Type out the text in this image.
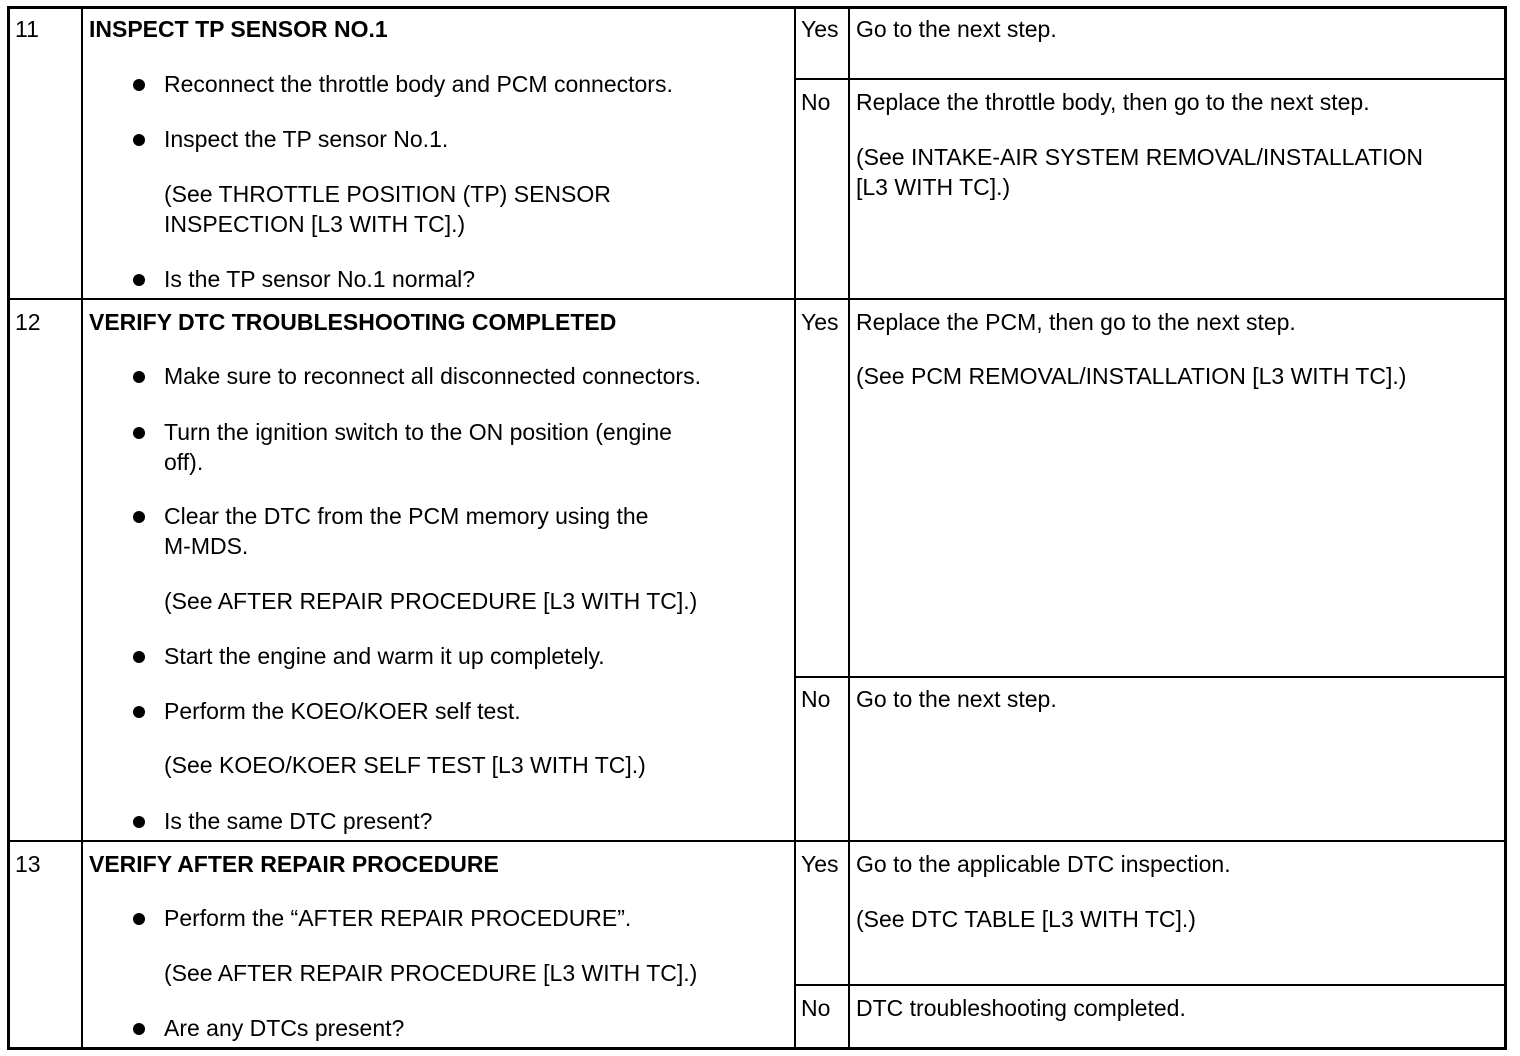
11 INSPECT TP SENSOR NO.1
Reconnect the throttle body and PCM connectors.
Inspect the TP sensor No.1.
(See THROTTLE POSITION (TP) SENSOR
INSPECTION [L3 WITH TC].)
Is the TP sensor No.1 normal?
Yes Go to the next step.
No Replace the throttle body, then go to the next step.
(See INTAKE-AIR SYSTEM REMOVAL/INSTALLATION
[L3 WITH TC].)
12 VERIFY DTC TROUBLESHOOTING COMPLETED
Make sure to reconnect all disconnected connectors.
Turn the ignition switch to the ON position (engine
off).
Clear the DTC from the PCM memory using the
M-MDS.
(See AFTER REPAIR PROCEDURE [L3 WITH TC].)
Start the engine and warm it up completely.
Perform the KOEO/KOER self test.
(See KOEO/KOER SELF TEST [L3 WITH TC].)
Is the same DTC present?
Yes Replace the PCM, then go to the next step.
(See PCM REMOVAL/INSTALLATION [L3 WITH TC].)
No Go to the next step.
13 VERIFY AFTER REPAIR PROCEDURE
Perform the “AFTER REPAIR PROCEDURE”.
(See AFTER REPAIR PROCEDURE [L3 WITH TC].)
Are any DTCs present?
Yes Go to the applicable DTC inspection.
(See DTC TABLE [L3 WITH TC].)
No DTC troubleshooting completed.
